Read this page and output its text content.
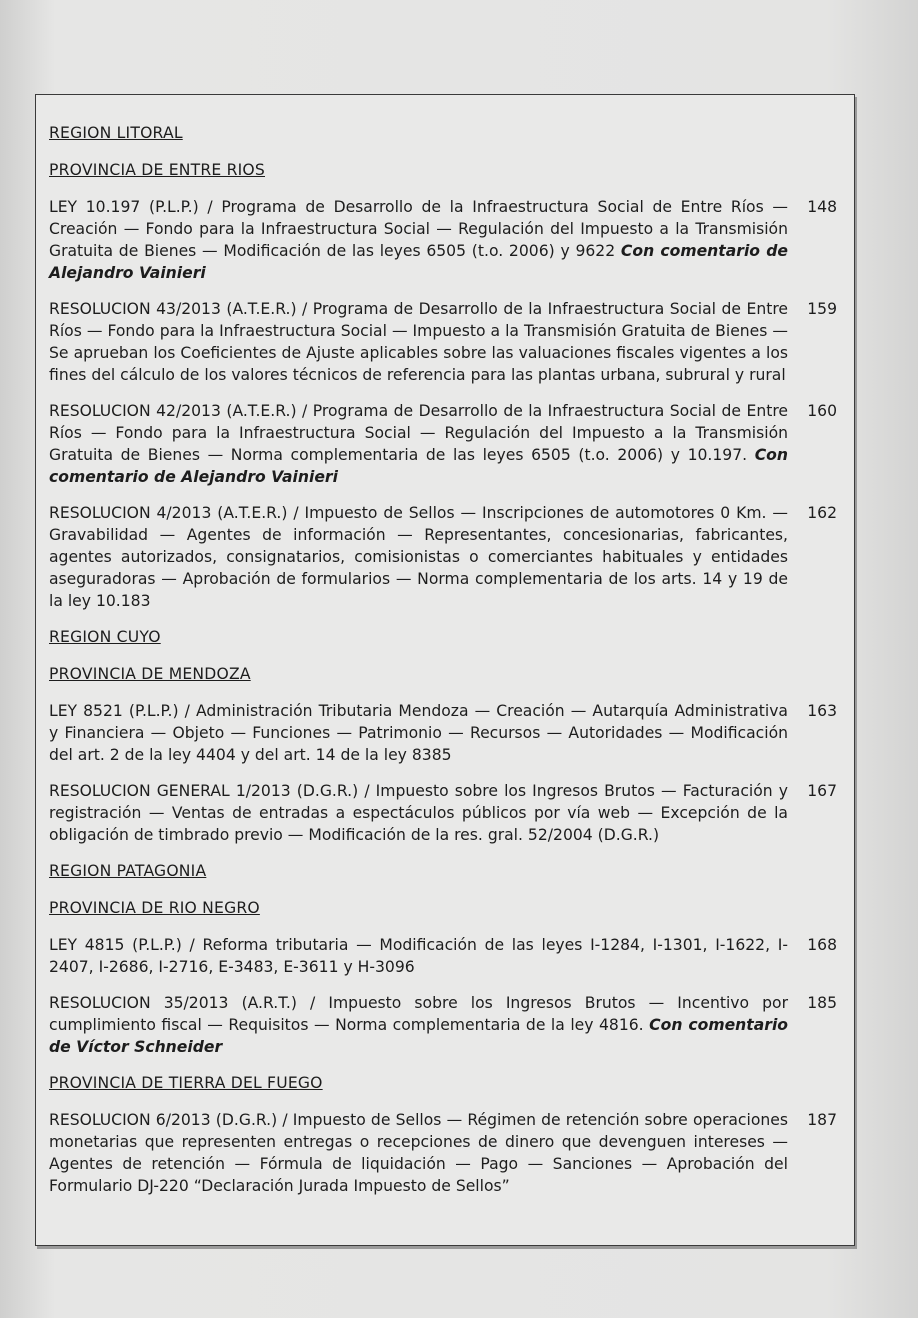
REGION LITORAL
PROVINCIA DE ENTRE RIOS
LEY 10.197 (P.L.P.) / Programa de Desarrollo de la Infraestructura Social de Entre Ríos — Creación — Fondo para la Infraestructura Social — Regulación del Impuesto a la Transmisión Gratuita de Bienes — Modificación de las leyes 6505 (t.o. 2006) y 9622 Con comentario de Alejandro Vainieri
148
RESOLUCION 43/2013 (A.T.E.R.) / Programa de Desarrollo de la Infraestructura Social de Entre Ríos — Fondo para la Infraestructura Social — Impuesto a la Transmisión Gratuita de Bienes — Se aprueban los Coeficientes de Ajuste aplicables sobre las valuaciones fiscales vigentes a los fines del cálculo de los valores técnicos de referencia para las plantas urbana, subrural y rural
159
RESOLUCION 42/2013 (A.T.E.R.) / Programa de Desarrollo de la Infraestructura Social de Entre Ríos — Fondo para la Infraestructura Social — Regulación del Impuesto a la Transmisión Gratuita de Bienes — Norma complementaria de las leyes 6505 (t.o. 2006) y 10.197. Con comentario de Alejandro Vainieri
160
RESOLUCION 4/2013 (A.T.E.R.) / Impuesto de Sellos — Inscripciones de automotores 0 Km. — Gravabilidad — Agentes de información — Representantes, concesionarias, fabricantes, agentes autorizados, consignatarios, comisionistas o comerciantes habituales y entidades aseguradoras — Aprobación de formularios — Norma complementaria de los arts. 14 y 19 de la ley 10.183
162
REGION CUYO
PROVINCIA DE MENDOZA
LEY 8521 (P.L.P.) / Administración Tributaria Mendoza — Creación — Autarquía Administrativa y Financiera — Objeto — Funciones — Patrimonio — Recursos — Autoridades — Modificación del art. 2 de la ley 4404 y del art. 14 de la ley 8385
163
RESOLUCION GENERAL 1/2013 (D.G.R.) / Impuesto sobre los Ingresos Brutos — Facturación y registración — Ventas de entradas a espectáculos públicos por vía web — Excepción de la obligación de timbrado previo — Modificación de la res. gral. 52/2004 (D.G.R.)
167
REGION PATAGONIA
PROVINCIA DE RIO NEGRO
LEY 4815 (P.L.P.) / Reforma tributaria — Modificación de las leyes I-1284, I-1301, I-1622, I-2407, I-2686, I-2716, E-3483, E-3611 y H-3096
168
RESOLUCION 35/2013 (A.R.T.) / Impuesto sobre los Ingresos Brutos — Incentivo por cumplimiento fiscal — Requisitos — Norma complementaria de la ley 4816. Con comentario de Víctor Schneider
185
PROVINCIA DE TIERRA DEL FUEGO
RESOLUCION 6/2013 (D.G.R.) / Impuesto de Sellos — Régimen de retención sobre operaciones monetarias que representen entregas o recepciones de dinero que devenguen intereses — Agentes de retención — Fórmula de liquidación — Pago — Sanciones — Aprobación del Formulario DJ-220 “Declaración Jurada Impuesto de Sellos”
187
